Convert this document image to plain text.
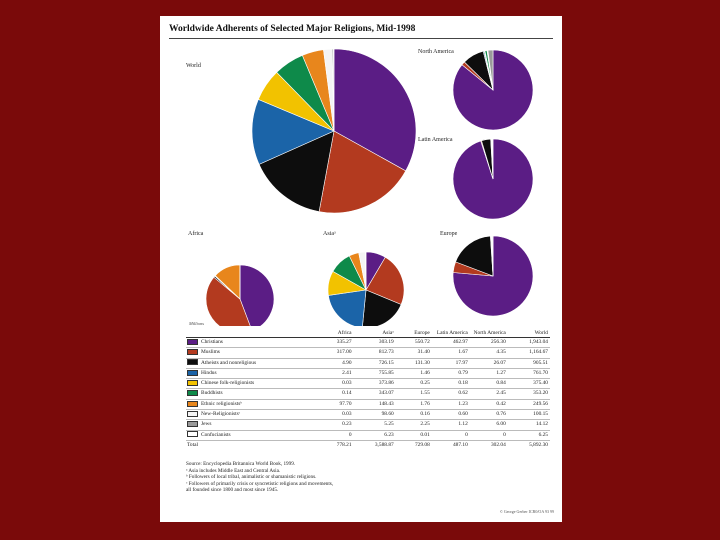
Worldwide Adherents of Selected Major Religions, Mid-1998
World
North America
Latin America
Africa	Asiaᵃ	Europe
Millions
	Africa	Asiaᵃ	Europe	Latin America	North America	World
Christians	335.27	303.19	550.72	462.97	256.30	1,943.04
Muslims	317.00	812.73	31.40	1.67	4.35	1,164.67
Atheists and nonreligious	4.90	726.15	131.30	17.97	26.07	905.51
Hindus	2.41	755.85	1.46	0.79	1.27	761.70
Chinese folk-religionists	0.03	373.86	0.25	0.18	0.84	375.40
Buddhists	0.14	343.07	1.55	0.62	2.45	353.20
Ethnic religionistsᵇ	97.70	148.43	1.76	1.23	0.42	249.56
New-Religionistsᶜ	0.03	98.60	0.16	0.60	0.76	100.15
Jews	0.23	5.25	2.25	1.12	6.00	14.12
Confucianists	0	6.23	0.01	0	0	6.25
Total	778.21	3,588.87	729.08	487.10	302.04	5,892.30
Source: Encyclopedia Britannica World Book, 1999.
ᵃ Asia includes Middle East and Central Asia.
ᵇ Followers of local tribal, animalistic or shamanistic religions.
ᶜ Followers of primarily crisis or syncretistic religions and movements,
all founded since 1800 and most since 1945.
© George Gerber ICR0/OA 93 99
